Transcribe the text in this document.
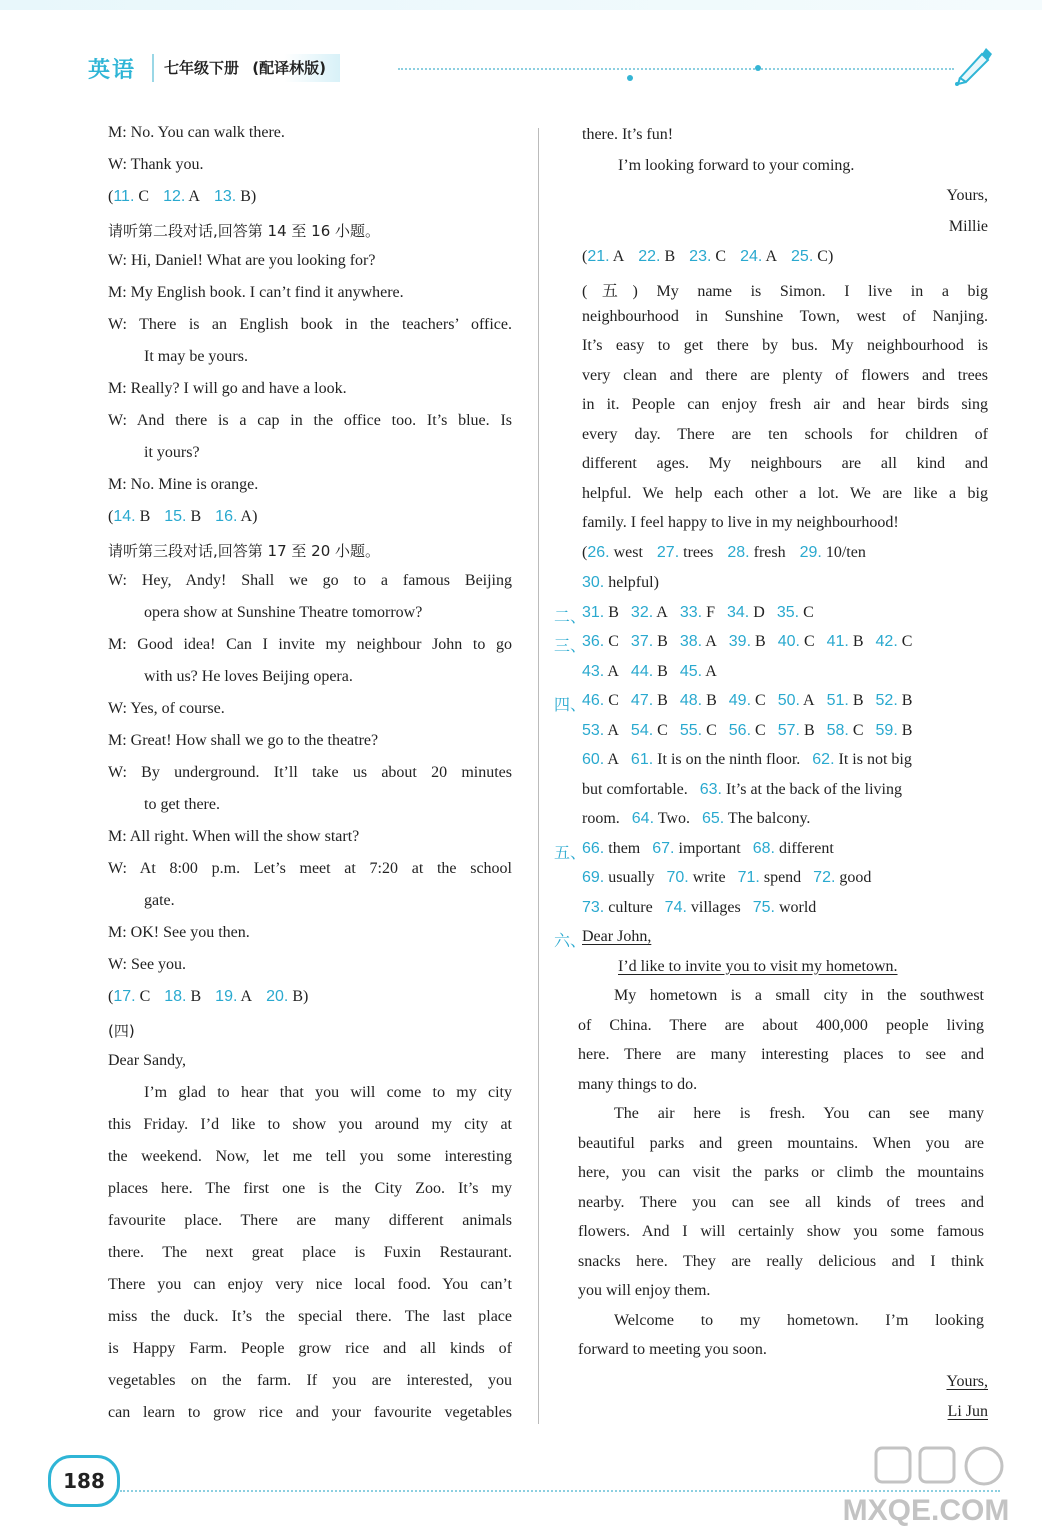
英语	七年级下册 (配译林版)
M: No. You can walk there.
W: Thank you.
(11. C 12. A 13. B)
请听第二段对话,回答第 14 至 16 小题。
W: Hi, Daniel! What are you looking for?
M: My English book. I can’t find it anywhere.
W: There is an English book in the teachers’ office.
It may be yours.
M: Really? I will go and have a look.
W: And there is a cap in the office too. It’s blue. Is
it yours?
M: No. Mine is orange.
(14. B 15. B 16. A)
请听第三段对话,回答第 17 至 20 小题。
W: Hey, Andy! Shall we go to a famous Beijing
opera show at Sunshine Theatre tomorrow?
M: Good idea! Can I invite my neighbour John to go
with us? He loves Beijing opera.
W: Yes, of course.
M: Great! How shall we go to the theatre?
W: By underground. It’ll take us about 20 minutes
to get there.
M: All right. When will the show start?
W: At 8:00 p.m. Let’s meet at 7:20 at the school
gate.
M: OK! See you then.
W: See you.
(17. C 18. B 19. A 20. B)
(四)
Dear Sandy,
I’m glad to hear that you will come to my city
this Friday. I’d like to show you around my city at
the weekend. Now, let me tell you some interesting
places here. The first one is the City Zoo. It’s my
favourite place. There are many different animals
there. The next great place is Fuxin Restaurant.
There you can enjoy very nice local food. You can’t
miss the duck. It’s the special there. The last place
is Happy Farm. People grow rice and all kinds of
vegetables on the farm. If you are interested, you
can learn to grow rice and your favourite vegetables
there. It’s fun!
I’m looking forward to your coming.
Yours,
Millie
(21. A 22. B 23. C 24. A 25. C)
(五) My name is Simon. I live in a big
neighbourhood in Sunshine Town, west of Nanjing.
It’s easy to get there by bus. My neighbourhood is
very clean and there are plenty of flowers and trees
in it. People can enjoy fresh air and hear birds sing
every day. There are ten schools for children of
different ages. My neighbours are all kind and
helpful. We help each other a lot. We are like a big
family. I feel happy to live in my neighbourhood!
(26. west 27. trees 28. fresh 29. 10/ten
30. helpful)
二、
31. B 32. A 33. F 34. D 35. C
三、
36. C 37. B 38. A 39. B 40. C 41. B 42. C
43. A 44. B 45. A
四、
46. C 47. B 48. B 49. C 50. A 51. B 52. B
53. A 54. C 55. C 56. C 57. B 58. C 59. B
60. A 61. It is on the ninth floor. 62. It is not big
but comfortable. 63. It’s at the back of the living
room. 64. Two. 65. The balcony.
五、
66. them 67. important 68. different
69. usually 70. write 71. spend 72. good
73. culture 74. villages 75. world
六、
Dear John,
I’d like to invite you to visit my hometown.
My hometown is a small city in the southwest
of China. There are about 400,000 people living
here. There are many interesting places to see and
many things to do.
The air here is fresh. You can see many
beautiful parks and green mountains. When you are
here, you can visit the parks or climb the mountains
nearby. There you can see all kinds of trees and
flowers. And I will certainly show you some famous
snacks here. They are really delicious and I think
you will enjoy them.
Welcome to my hometown. I’m looking
forward to meeting you soon.
Yours,
Li Jun
188
MXQE.COM
